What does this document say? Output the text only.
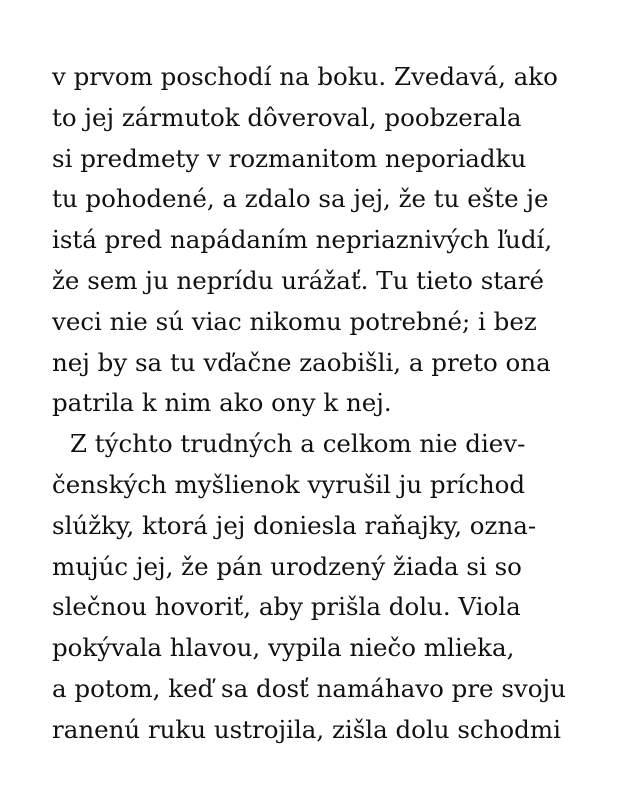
v prvom poschodí na boku. Zvedavá, ako
to jej zármutok dôveroval, poobzerala
si predmety v rozmanitom neporiadku
tu pohodené, a zdalo sa jej, že tu ešte je
istá pred napádaním nepriaznivých ľudí,
že sem ju neprídu urážať. Tu tieto staré
veci nie sú viac nikomu potrebné; i bez
nej by sa tu vďačne zaobišli, a preto ona
patrila k nim ako ony k nej.
Z týchto trudných a celkom nie diev-
čenských myšlienok vyrušil ju príchod
slúžky, ktorá jej doniesla raňajky, ozna-
mujúc jej, že pán urodzený žiada si so
slečnou hovoriť, aby prišla dolu. Viola
pokývala hlavou, vypila niečo mlieka,
a potom, keď sa dosť namáhavo pre svoju
ranenú ruku ustrojila, zišla dolu schodmi
